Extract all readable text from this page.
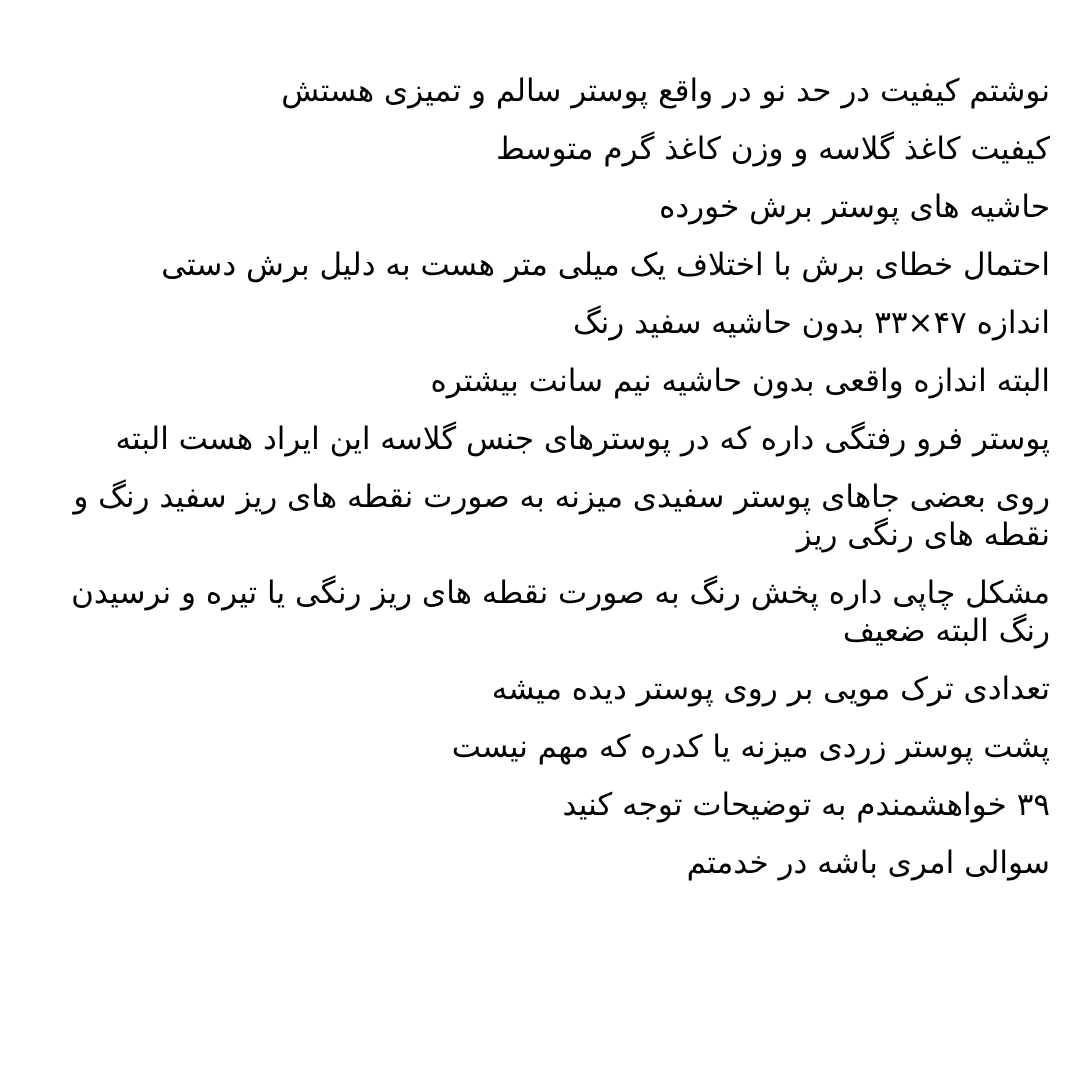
نوشتم کیفیت در حد نو در واقع پوستر سالم و تمیزی هستش

کیفیت کاغذ گلاسه و وزن کاغذ گرم متوسط

حاشیه های پوستر برش خورده

احتمال خطای برش با اختلاف یک میلی متر هست به دلیل برش دستی

اندازه ۴۷×۳۳ بدون حاشیه سفید رنگ

البته اندازه واقعی بدون حاشیه نیم سانت بیشتره

پوستر فرو رفتگی داره که در پوسترهای جنس گلاسه این ایراد هست البته

روی بعضی جاهای پوستر سفیدی میزنه به صورت نقطه های ریز سفید رنگ و نقطه های رنگی ریز

مشکل چاپی داره پخش رنگ به صورت نقطه های ریز رنگی یا تیره و نرسیدن رنگ البته ضعیف

تعدادی ترک مویی بر روی پوستر دیده میشه

پشت پوستر زردی میزنه یا کدره که مهم نیست

۳۹ خواهشمندم به توضیحات توجه کنید

سوالی امری باشه در خدمتم
